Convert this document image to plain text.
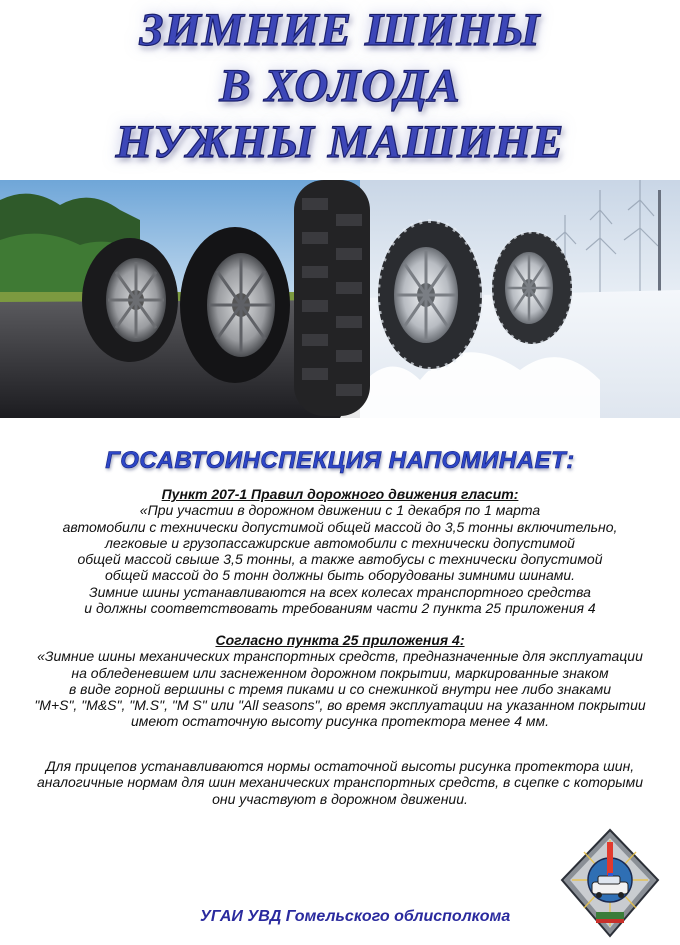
ЗИМНИЕ ШИНЫ
В ХОЛОДА
НУЖНЫ МАШИНЕ
ГОСАВТОИНСПЕКЦИЯ НАПОМИНАЕТ:
Пункт 207-1 Правил дорожного движения гласит:
«При участии в дорожном движении с 1 декабря по 1 марта
автомобили с технически допустимой общей массой до 3,5 тонны включительно,
легковые и грузопассажирские автомобили с технически допустимой
общей массой свыше 3,5 тонны, а также автобусы с технически допустимой
общей массой до 5 тонн должны быть оборудованы зимними шинами.
Зимние шины устанавливаются на всех колесах транспортного средства
и должны соответствовать требованиям части 2 пункта 25 приложения 4
Согласно пункта 25 приложения 4:
«Зимние шины механических транспортных средств, предназначенные для эксплуатации
на обледеневшем или заснеженном дорожном покрытии, маркированные знаком
в виде горной вершины с тремя пиками и со снежинкой внутри нее либо знаками
"M+S", "M&S", "M.S", "M S" или "All seasons", во время эксплуатации на указанном покрытии
имеют остаточную высоту рисунка протектора менее 4 мм.
Для прицепов устанавливаются нормы остаточной высоты рисунка протектора шин,
аналогичные нормам для шин механических транспортных средств, в сцепке с которыми
они участвуют в дорожном движении.
УГАИ УВД Гомельского облисполкома
